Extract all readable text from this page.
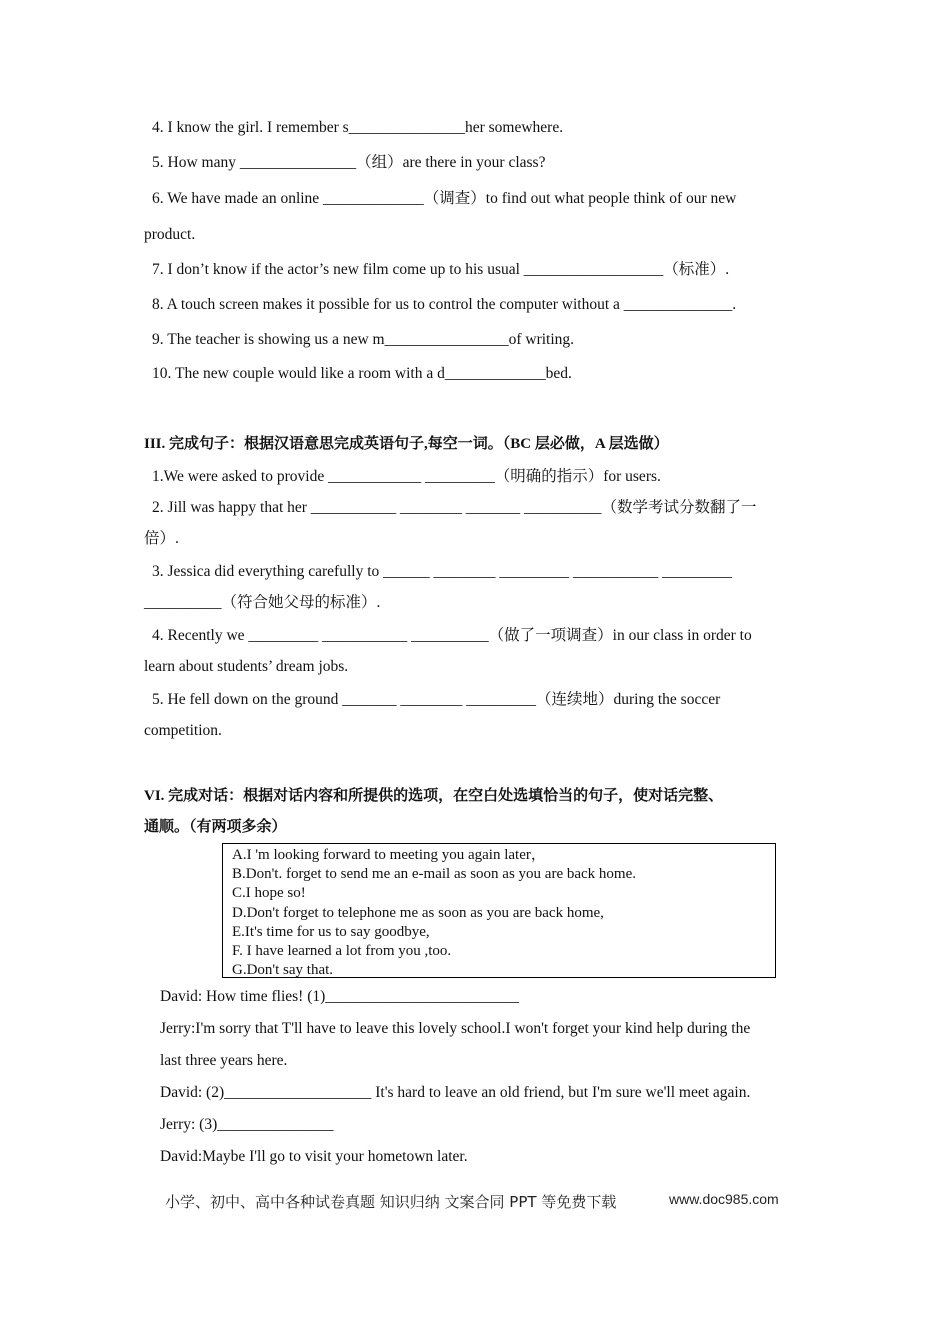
4. I know the girl. I remember s_______________her somewhere.
5. How many _______________（组）are there in your class?
6. We have made an online _____________（调查）to find out what people think of our new
product.
7. I don’t know if the actor’s new film come up to his usual __________________（标准）.
8. A touch screen makes it possible for us to control the computer without a ______________.
9. The teacher is showing us a new m________________of writing.
10. The new couple would like a room with a d_____________bed.
III. 完成句子：根据汉语意思完成英语句子,每空一词。（BC 层必做，A 层选做）
1.We were asked to provide ____________ _________（明确的指示）for users.
2. Jill was happy that her ___________ ________ _______ __________（数学考试分数翻了一
倍）.
3. Jessica did everything carefully to ______ ________ _________ ___________ _________
__________（符合她父母的标准）.
4. Recently we _________ ___________ __________（做了一项调查）in our class in order to
learn about students’ dream jobs.
5. He fell down on the ground _______ ________ _________（连续地）during the soccer
competition.
VI. 完成对话：根据对话内容和所提供的选项，在空白处选填恰当的句子，使对话完整、
通顺。（有两项多余）
A.I 'm looking forward to meeting you again later，
B.Don't. forget to send me an e-mail as soon as you are back home.
C.I hope so!
D.Don't forget to telephone me as soon as you are back home,
E.It's time for us to say goodbye,
F. I have learned a lot from you ,too.
G.Don't say that.
David: How time flies! (1)_________________________
Jerry:I'm sorry that T'll have to leave this lovely school.I won't forget your kind help during the
last three years here.
David: (2)___________________ It's hard to leave an old friend, but I'm sure we'll meet again.
Jerry: (3)_______________
David:Maybe I'll go to visit your hometown later.
小学、初中、高中各种试卷真题 知识归纳 文案合同 PPT 等免费下载	www.doc985.com
